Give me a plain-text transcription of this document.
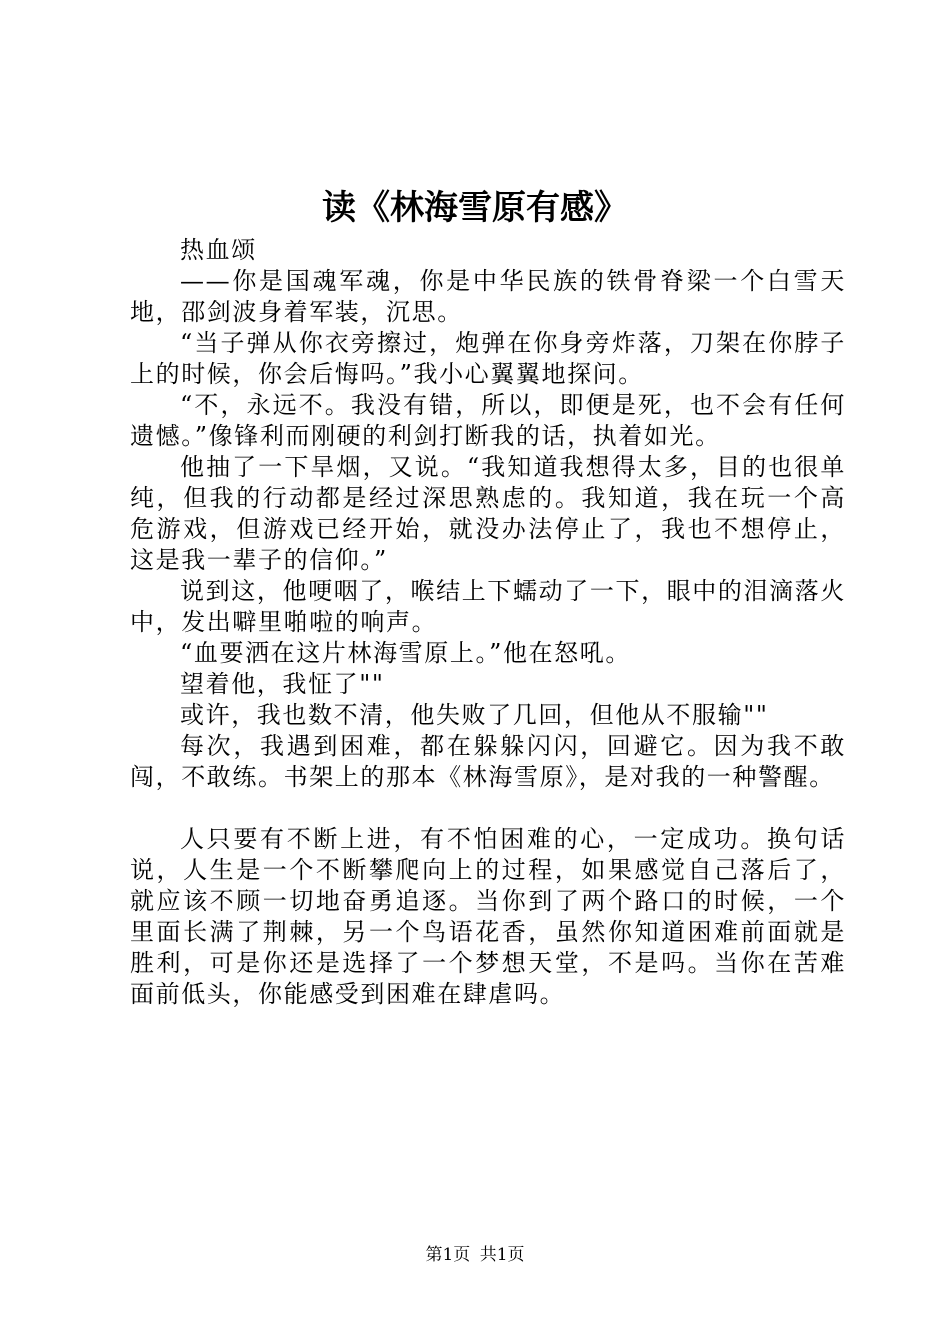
读《林海雪原有感》

热血颂

——你是国魂军魂，你是中华民族的铁骨脊梁一个白雪天地，邵剑波身着军装，沉思。

“当子弹从你衣旁擦过，炮弹在你身旁炸落，刀架在你脖子上的时候，你会后悔吗。”我小心翼翼地探问。

“不，永远不。我没有错，所以，即便是死，也不会有任何遗憾。”像锋利而刚硬的利剑打断我的话，执着如光。

他抽了一下旱烟，又说。“我知道我想得太多，目的也很单纯，但我的行动都是经过深思熟虑的。我知道，我在玩一个高危游戏，但游戏已经开始，就没办法停止了，我也不想停止，这是我一辈子的信仰。”

说到这，他哽咽了，喉结上下蠕动了一下，眼中的泪滴落火中，发出噼里啪啦的响声。

“血要洒在这片林海雪原上。”他在怒吼。

望着他，我怔了""

或许，我也数不清，他失败了几回，但他从不服输""

每次，我遇到困难，都在躲躲闪闪，回避它。因为我不敢闯，不敢练。书架上的那本《林海雪原》，是对我的一种警醒。

人只要有不断上进，有不怕困难的心，一定成功。换句话说，人生是一个不断攀爬向上的过程，如果感觉自己落后了，就应该不顾一切地奋勇追逐。当你到了两个路口的时候，一个里面长满了荆棘，另一个鸟语花香，虽然你知道困难前面就是胜利，可是你还是选择了一个梦想天堂，不是吗。当你在苦难面前低头，你能感受到困难在肆虐吗。

第1页 共1页
